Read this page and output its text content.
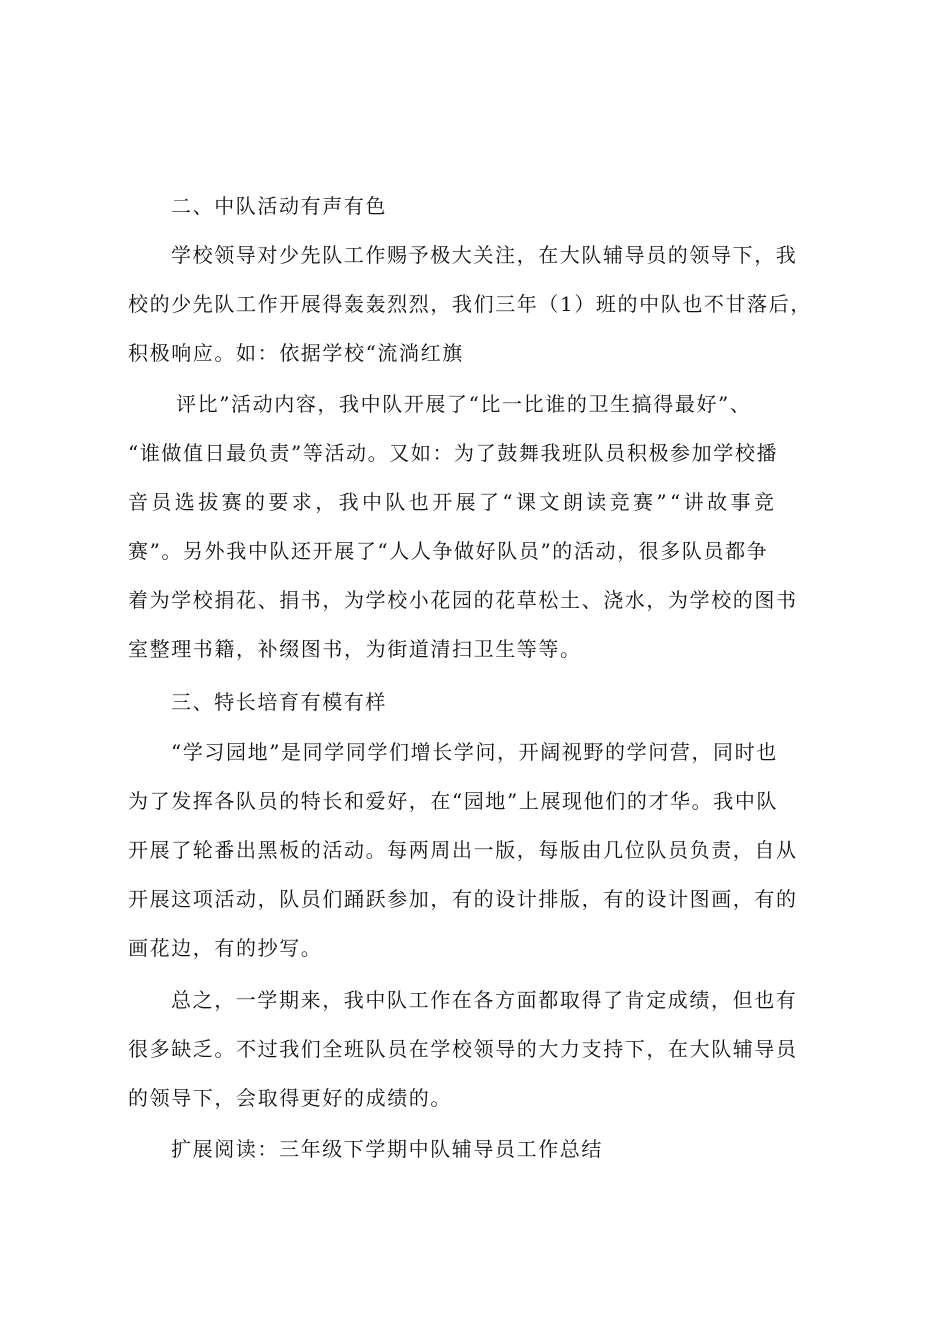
二、中队活动有声有色
学校领导对少先队工作赐予极大关注，在大队辅导员的领导下，我
校的少先队工作开展得轰轰烈烈，我们三年（1）班的中队也不甘落后，
积极响应。如：依据学校“流淌红旗
评比”活动内容，我中队开展了“比一比谁的卫生搞得最好”、
“谁做值日最负责”等活动。又如：为了鼓舞我班队员积极参加学校播
音员选拔赛的要求，我中队也开展了“课文朗读竞赛”“讲故事竞
赛”。另外我中队还开展了“人人争做好队员”的活动，很多队员都争
着为学校捐花、捐书，为学校小花园的花草松土、浇水，为学校的图书
室整理书籍，补缀图书，为街道清扫卫生等等。
三、特长培育有模有样
“学习园地”是同学同学们增长学问，开阔视野的学问营，同时也
为了发挥各队员的特长和爱好，在“园地”上展现他们的才华。我中队
开展了轮番出黑板的活动。每两周出一版，每版由几位队员负责，自从
开展这项活动，队员们踊跃参加，有的设计排版，有的设计图画，有的
画花边，有的抄写。
总之，一学期来，我中队工作在各方面都取得了肯定成绩，但也有
很多缺乏。不过我们全班队员在学校领导的大力支持下，在大队辅导员
的领导下，会取得更好的成绩的。
扩展阅读：三年级下学期中队辅导员工作总结
